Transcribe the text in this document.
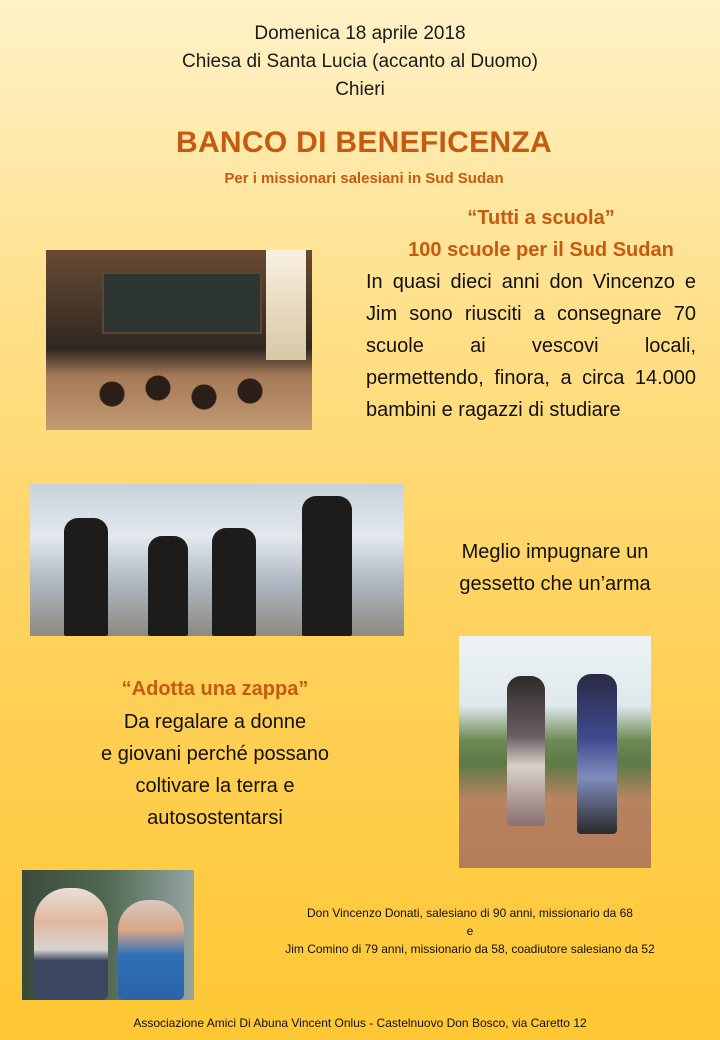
Domenica 18 aprile 2018
Chiesa di Santa Lucia (accanto al Duomo)
Chieri
BANCO DI BENEFICENZA
Per i missionari salesiani in Sud Sudan
“Tutti a scuola”
100 scuole per il Sud Sudan
In quasi dieci anni don Vincenzo e Jim sono riusciti a consegnare 70 scuole ai vescovi locali, permettendo, finora, a circa 14.000 bambini e ragazzi di studiare
Meglio impugnare un
gessetto che un’arma
“Adotta una zappa”
Da regalare a donne
e giovani perché possano
coltivare la terra e
autosostentarsi
Don Vincenzo Donati, salesiano di 90 anni, missionario da 68
e
Jim Comino di 79 anni, missionario da 58, coadiutore salesiano da 52
Associazione Amici Di Abuna Vincent Onlus - Castelnuovo Don Bosco, via Caretto 12
